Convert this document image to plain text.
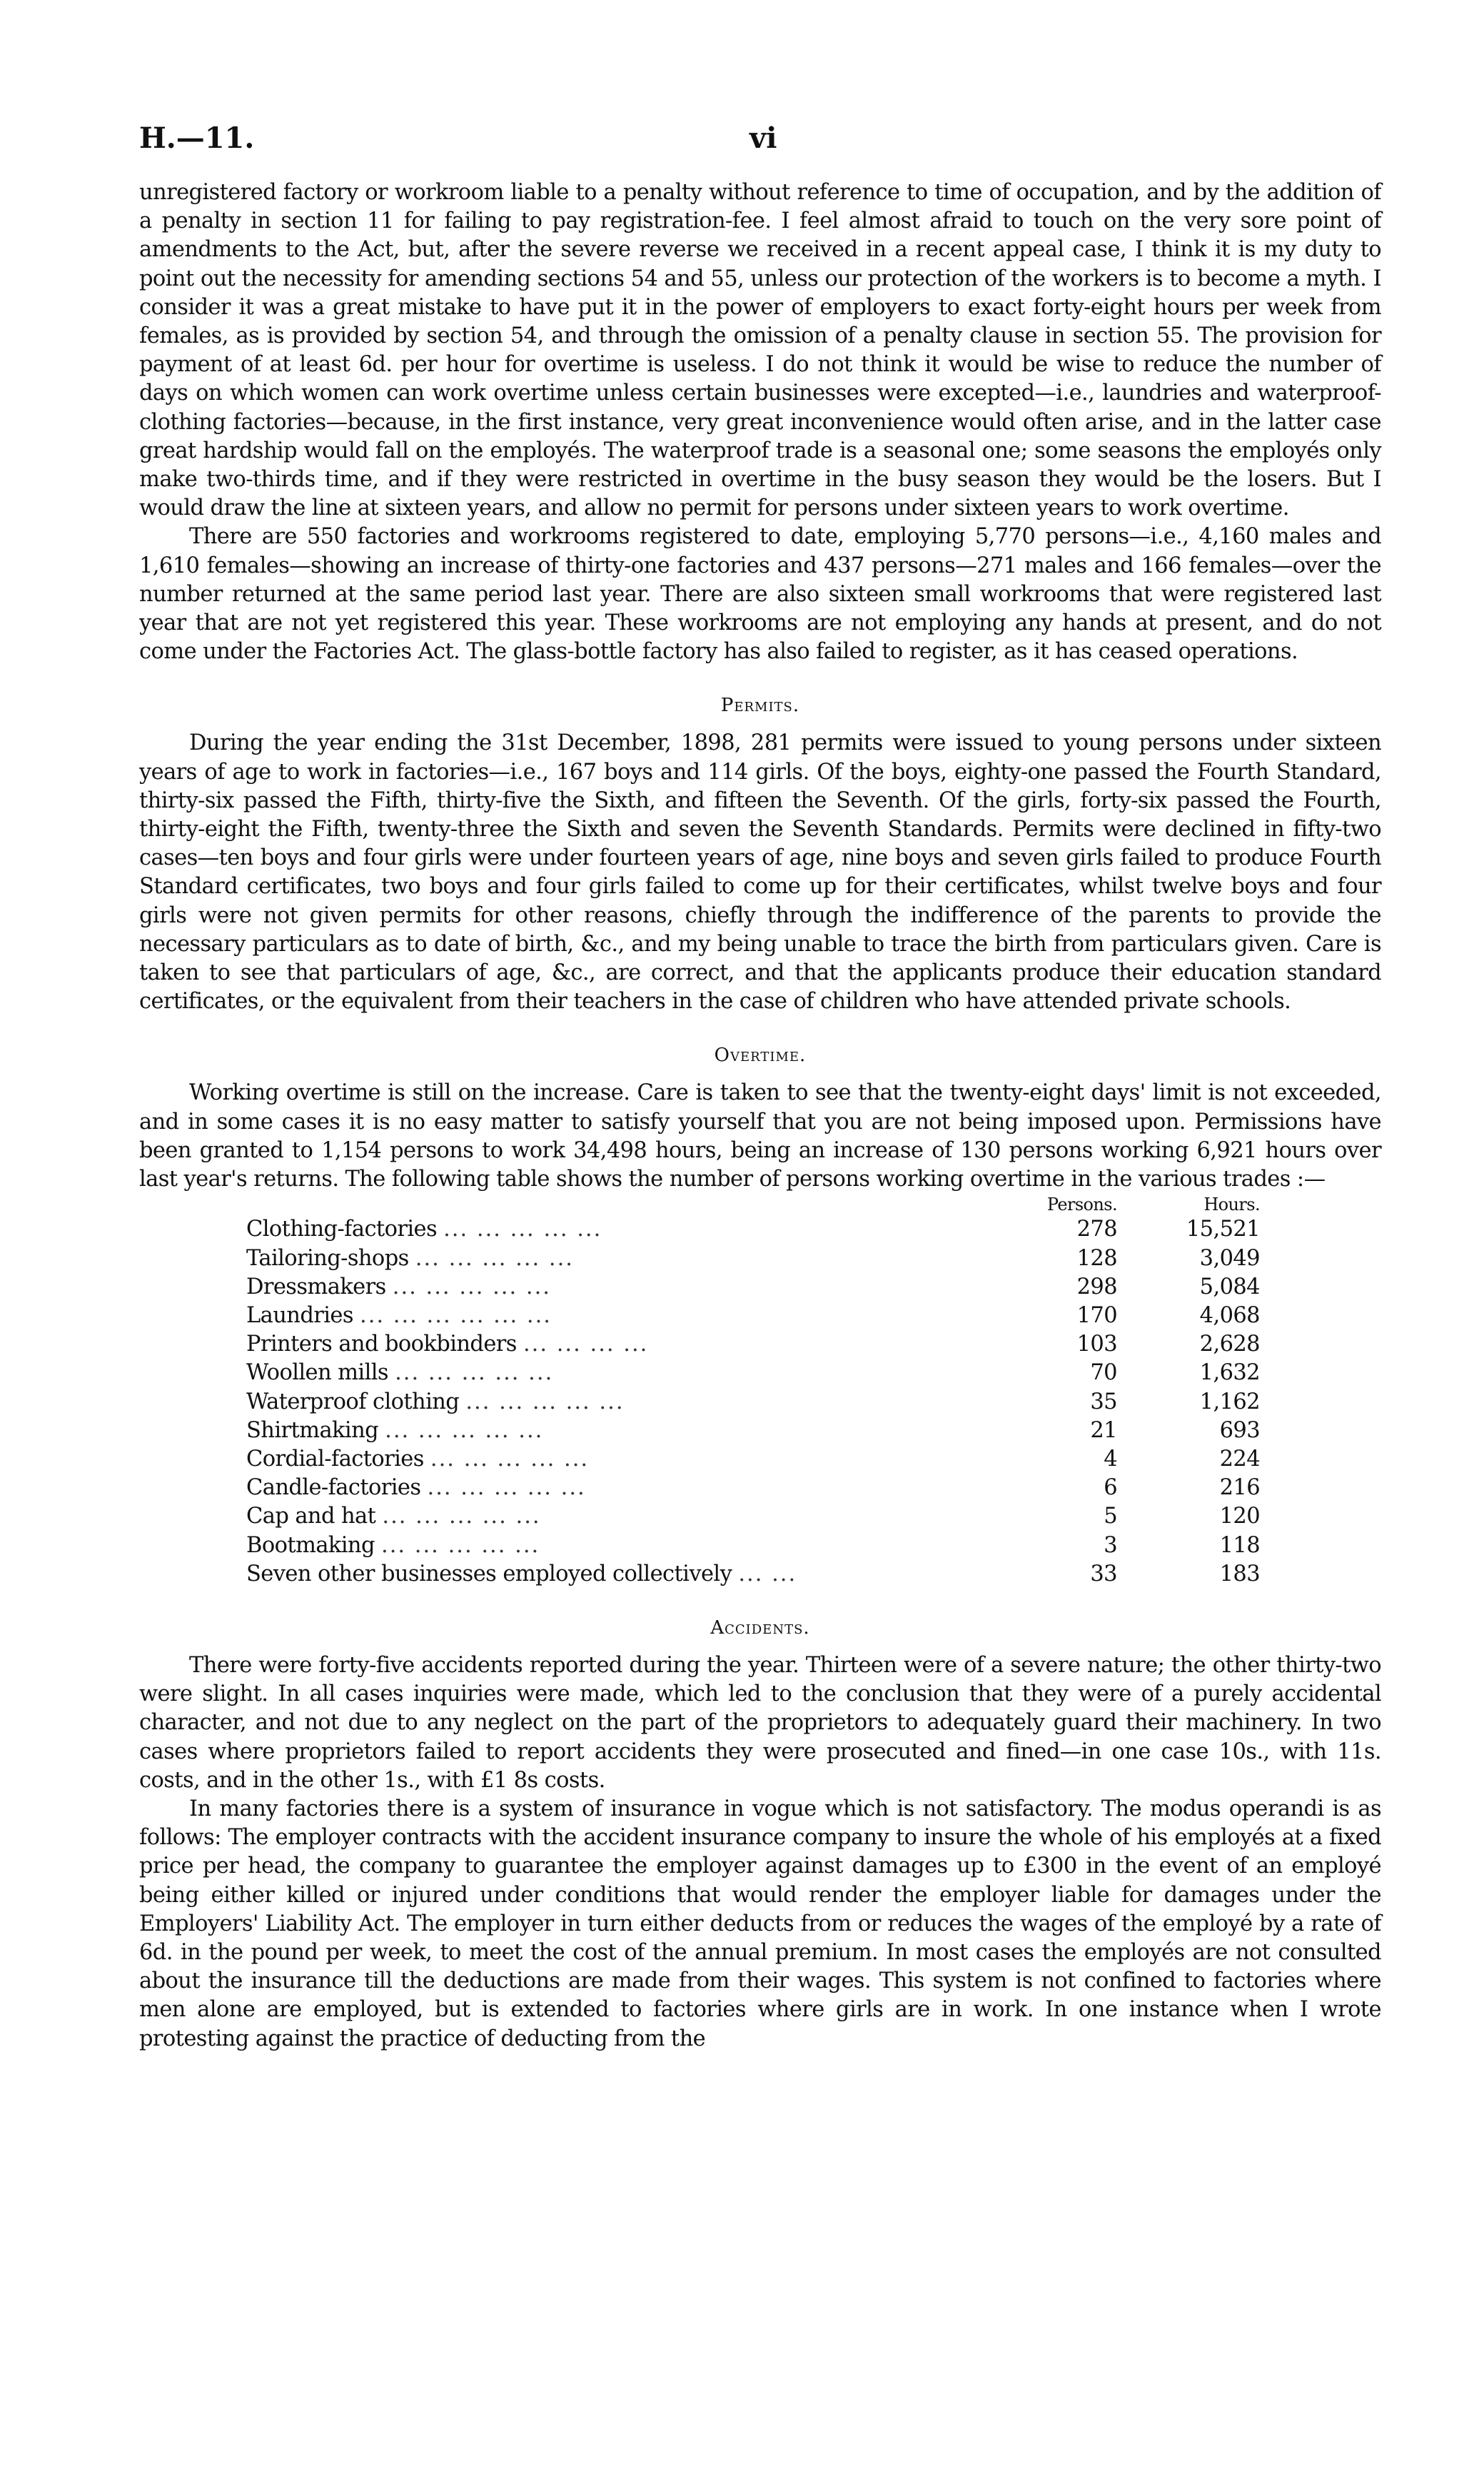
H.—11.	vi

unregistered factory or workroom liable to a penalty without reference to time of occupation, and by the addition of a penalty in section 11 for failing to pay registration-fee. I feel almost afraid to touch on the very sore point of amendments to the Act, but, after the severe reverse we received in a recent appeal case, I think it is my duty to point out the necessity for amending sections 54 and 55, unless our protection of the workers is to become a myth. I consider it was a great mistake to have put it in the power of employers to exact forty-eight hours per week from females, as is provided by section 54, and through the omission of a penalty clause in section 55. The provision for payment of at least 6d. per hour for overtime is useless. I do not think it would be wise to reduce the number of days on which women can work overtime unless certain businesses were excepted—i.e., laundries and waterproof-clothing factories—because, in the first instance, very great inconvenience would often arise, and in the latter case great hardship would fall on the employés. The waterproof trade is a seasonal one; some seasons the employés only make two-thirds time, and if they were restricted in overtime in the busy season they would be the losers. But I would draw the line at sixteen years, and allow no permit for persons under sixteen years to work overtime.

There are 550 factories and workrooms registered to date, employing 5,770 persons—i.e., 4,160 males and 1,610 females—showing an increase of thirty-one factories and 437 persons—271 males and 166 females—over the number returned at the same period last year. There are also sixteen small workrooms that were registered last year that are not yet registered this year. These workrooms are not employing any hands at present, and do not come under the Factories Act. The glass-bottle factory has also failed to register, as it has ceased operations.

Permits.

During the year ending the 31st December, 1898, 281 permits were issued to young persons under sixteen years of age to work in factories—i.e., 167 boys and 114 girls. Of the boys, eighty-one passed the Fourth Standard, thirty-six passed the Fifth, thirty-five the Sixth, and fifteen the Seventh. Of the girls, forty-six passed the Fourth, thirty-eight the Fifth, twenty-three the Sixth and seven the Seventh Standards. Permits were declined in fifty-two cases—ten boys and four girls were under fourteen years of age, nine boys and seven girls failed to produce Fourth Standard certificates, two boys and four girls failed to come up for their certificates, whilst twelve boys and four girls were not given permits for other reasons, chiefly through the indifference of the parents to provide the necessary particulars as to date of birth, &c., and my being unable to trace the birth from particulars given. Care is taken to see that particulars of age, &c., are correct, and that the applicants produce their education standard certificates, or the equivalent from their teachers in the case of children who have attended private schools.

Overtime.

Working overtime is still on the increase. Care is taken to see that the twenty-eight days' limit is not exceeded, and in some cases it is no easy matter to satisfy yourself that you are not being imposed upon. Permissions have been granted to 1,154 persons to work 34,498 hours, being an increase of 130 persons working 6,921 hours over last year's returns. The following table shows the number of persons working overtime in the various trades :—

	Persons.	Hours.
Clothing-factories ... ... ... ... ...	278	15,521
Tailoring-shops ... ... ... ... ...	128	3,049
Dressmakers ... ... ... ... ...	298	5,084
Laundries ... ... ... ... ... ...	170	4,068
Printers and bookbinders ... ... ... ...	103	2,628
Woollen mills ... ... ... ... ...	70	1,632
Waterproof clothing ... ... ... ... ...	35	1,162
Shirtmaking ... ... ... ... ...	21	693
Cordial-factories ... ... ... ... ...	4	224
Candle-factories ... ... ... ... ...	6	216
Cap and hat ... ... ... ... ...	5	120
Bootmaking ... ... ... ... ...	3	118
Seven other businesses employed collectively ... ...	33	183
Accidents.

There were forty-five accidents reported during the year. Thirteen were of a severe nature; the other thirty-two were slight. In all cases inquiries were made, which led to the conclusion that they were of a purely accidental character, and not due to any neglect on the part of the proprietors to adequately guard their machinery. In two cases where proprietors failed to report accidents they were prosecuted and fined—in one case 10s., with 11s. costs, and in the other 1s., with £1 8s costs.

In many factories there is a system of insurance in vogue which is not satisfactory. The modus operandi is as follows: The employer contracts with the accident insurance company to insure the whole of his employés at a fixed price per head, the company to guarantee the employer against damages up to £300 in the event of an employé being either killed or injured under conditions that would render the employer liable for damages under the Employers' Liability Act. The employer in turn either deducts from or reduces the wages of the employé by a rate of 6d. in the pound per week, to meet the cost of the annual premium. In most cases the employés are not consulted about the insurance till the deductions are made from their wages. This system is not confined to factories where men alone are employed, but is extended to factories where girls are in work. In one instance when I wrote protesting against the practice of deducting from the
